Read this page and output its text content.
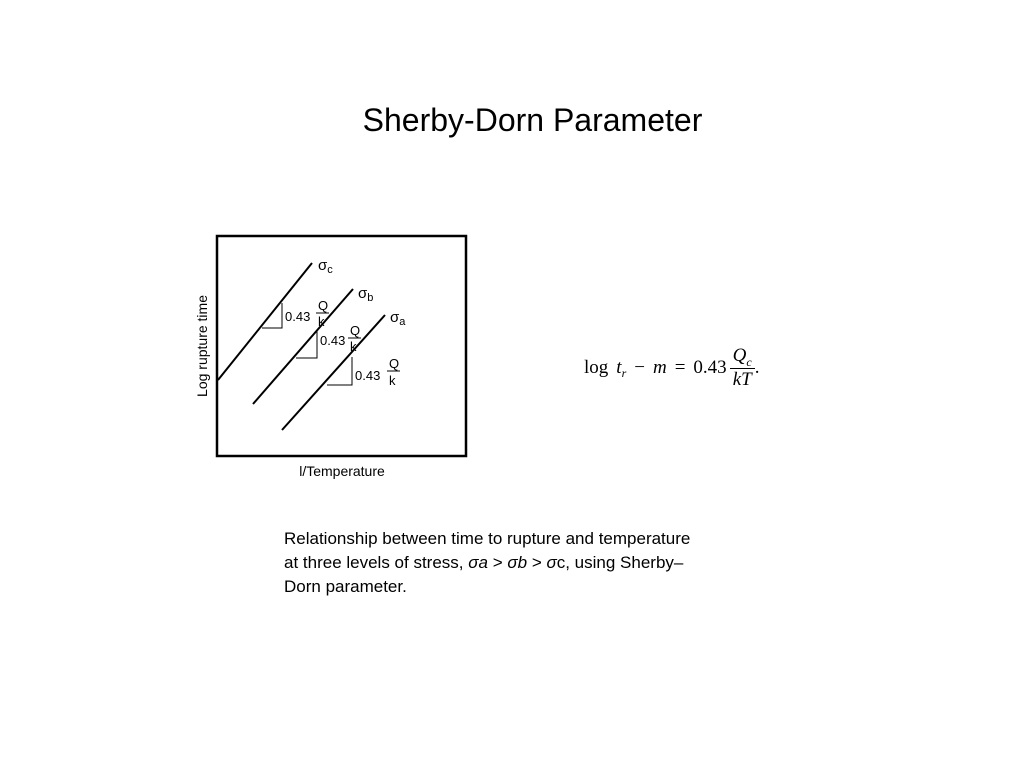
Sherby-Dorn Parameter
Log rupture time
l/Temperature
$\sigma_c$
$\sigma_b$
$\sigma_a$
0.43
Q
k
0.43
Q
k
0.43
Q
k
log t $r - m = 0.43 \frac{Q_c}{kT}$ .
Relationship between time to rupture and temperature
at three levels of stress, σa > σb > σc, using Sherby–
Dorn parameter.
